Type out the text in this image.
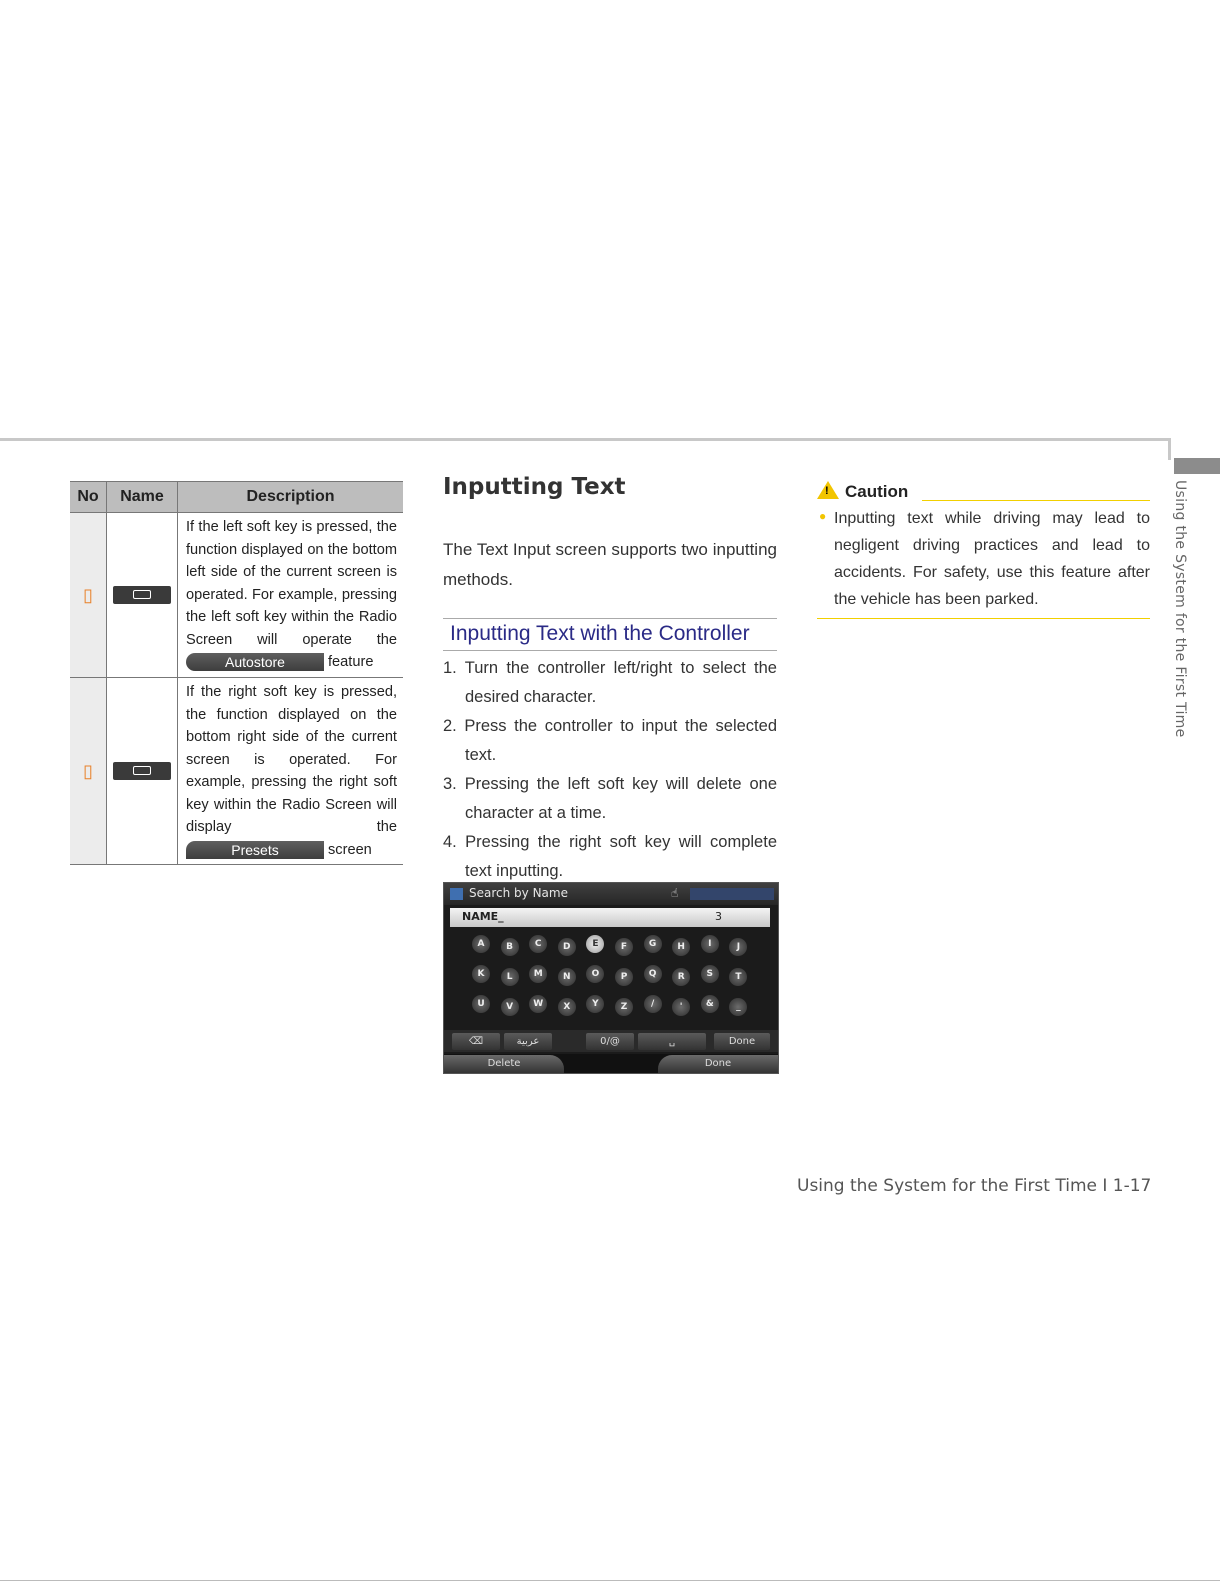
Using the System for the First Time
No	Name	Description
▯		If the left soft key is pressed, the function displayed on the bottom left side of the current screen is operated. For example, pressing the left soft key within the Radio Screen will operate the Autostore feature
▯		If the right soft key is pressed, the function displayed on the bottom right side of the current screen is operated. For example, pressing the right soft key within the Radio Screen will display the Presets screen
Inputting Text
The Text Input screen supports two inputting methods.
Inputting Text with the Controller
1. Turn the controller left/right to select the desired character.
2. Press the controller to input the selected text.
3. Pressing the left soft key will delete one character at a time.
4. Pressing the right soft key will complete text inputting.
Search by Name	☝
NAME_	3
A	B	C	D	E	F	G	H	I	J
K	L	M	N	O	P	Q	R	S	T
U	V	W	X	Y	Z	/	'	&	_
⌫	عربية	0/@	␣	Done
Delete	Done
! Caution
● Inputting text while driving may lead to negligent driving practices and lead to accidents. For safety, use this feature after the vehicle has been parked.
Using the System for the First Time I 1-17
